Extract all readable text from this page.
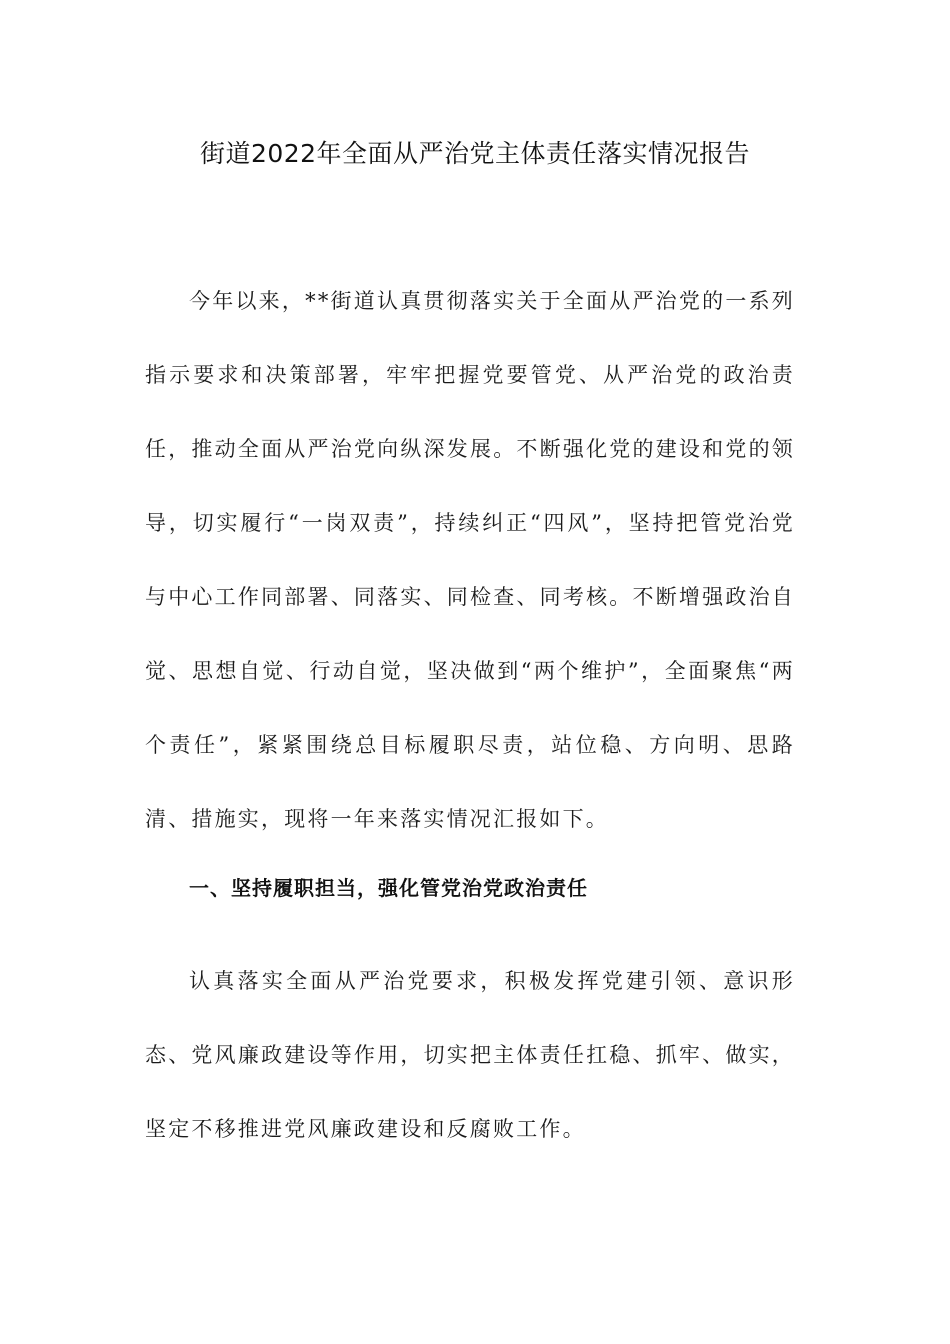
街道2022年全面从严治党主体责任落实情况报告

今年以来，**街道认真贯彻落实关于全面从严治党的一系列指示要求和决策部署，牢牢把握党要管党、从严治党的政治责任，推动全面从严治党向纵深发展。不断强化党的建设和党的领导，切实履行“一岗双责”，持续纠正“四风”，坚持把管党治党与中心工作同部署、同落实、同检查、同考核。不断增强政治自觉、思想自觉、行动自觉，坚决做到“两个维护”，全面聚焦“两个责任”，紧紧围绕总目标履职尽责，站位稳、方向明、思路清、措施实，现将一年来落实情况汇报如下。

一、坚持履职担当，强化管党治党政治责任

认真落实全面从严治党要求，积极发挥党建引领、意识形态、党风廉政建设等作用，切实把主体责任扛稳、抓牢、做实，坚定不移推进党风廉政建设和反腐败工作。
